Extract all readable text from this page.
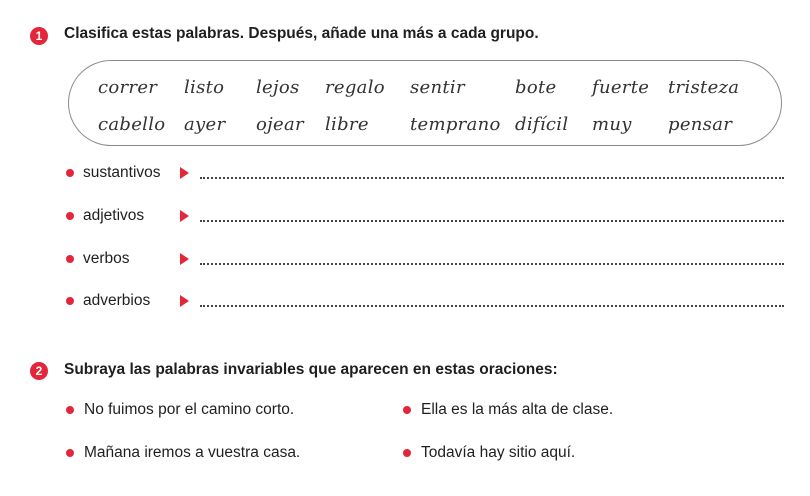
1	Clasifica estas palabras. Después, añade una más a cada grupo.
correr listo lejos regalo sentir	bote fuerte tristeza
cabello ayer ojear libre temprano difícil muy pensar
sustantivos
adjetivos
verbos
adverbios
2	Subraya las palabras invariables que aparecen en estas oraciones:
No fuimos por el camino corto.	Ella es la más alta de clase.
Mañana iremos a vuestra casa.	Todavía hay sitio aquí.
